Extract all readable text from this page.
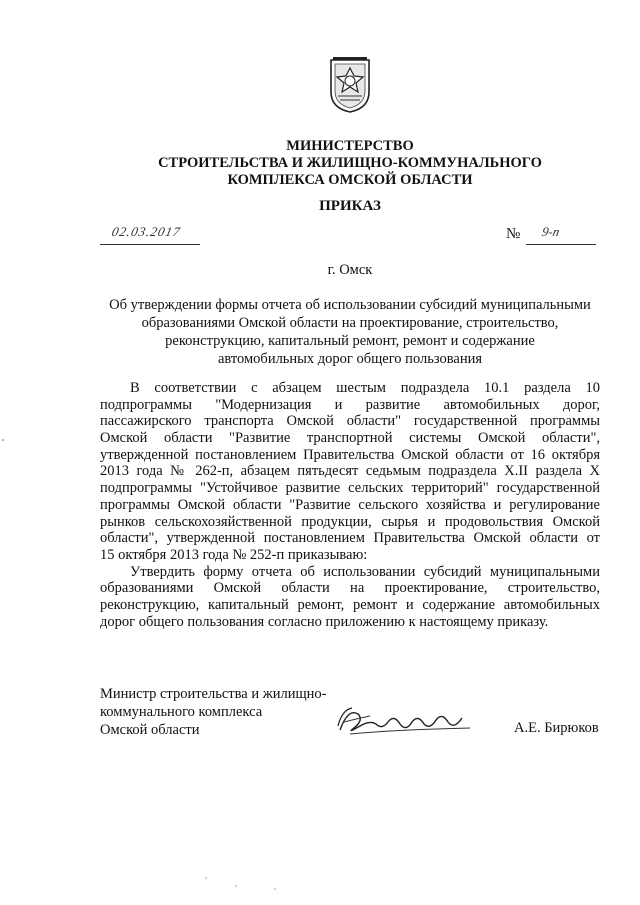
МИНИСТЕРСТВО
СТРОИТЕЛЬСТВА И ЖИЛИЩНО-КОММУНАЛЬНОГО
КОМПЛЕКСА ОМСКОЙ ОБЛАСТИ
ПРИКАЗ
02.03.2017	№ 9-п
г. Омск
Об утверждении формы отчета об использовании субсидий муниципальными
образованиями Омской области на проектирование, строительство,
реконструкцию, капитальный ремонт, ремонт и содержание
автомобильных дорог общего пользования
В соответствии с абзацем шестым подраздела 10.1 раздела 10
подпрограммы "Модернизация и развитие автомобильных дорог,
пассажирского транспорта Омской области" государственной программы
Омской области "Развитие транспортной системы Омской области",
утвержденной постановлением Правительства Омской области от 16 октября
2013 года № 262-п, абзацем пятьдесят седьмым подраздела X.II раздела X
подпрограммы "Устойчивое развитие сельских территорий" государственной
программы Омской области "Развитие сельского хозяйства и регулирование
рынков сельскохозяйственной продукции, сырья и продовольствия Омской
области", утвержденной постановлением Правительства Омской области от
15 октября 2013 года № 252-п приказываю:
Утвердить форму отчета об использовании субсидий муниципальными
образованиями Омской области на проектирование, строительство,
реконструкцию, капитальный ремонт, ремонт и содержание автомобильных
дорог общего пользования согласно приложению к настоящему приказу.
Министр строительства и жилищно-
коммунального комплекса
Омской области	А.Е. Бирюков
